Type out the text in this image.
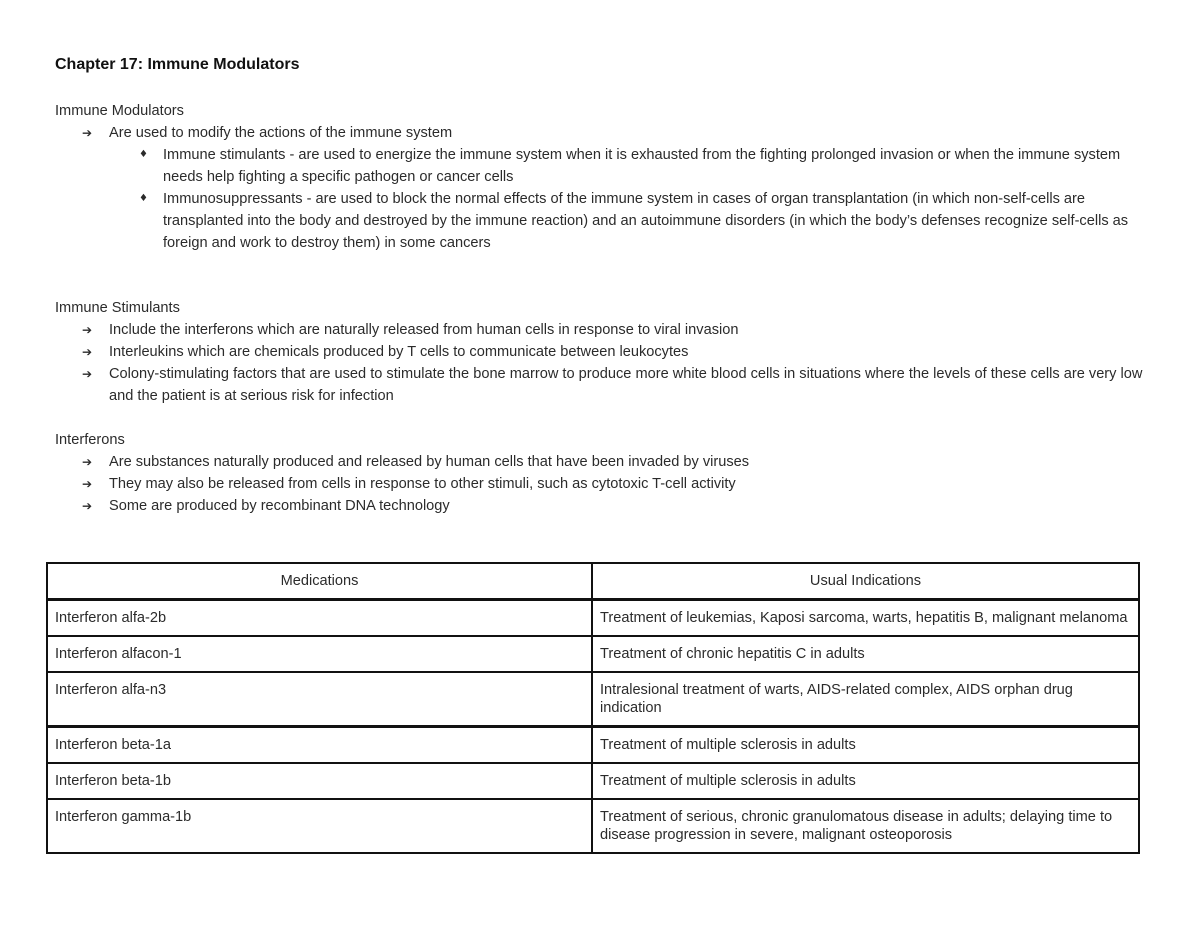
Chapter 17: Immune Modulators
Immune Modulators
➔ Are used to modify the actions of the immune system
♦ Immune stimulants - are used to energize the immune system when it is exhausted from the fighting prolonged invasion or when the immune system needs help fighting a specific pathogen or cancer cells
♦ Immunosuppressants - are used to block the normal effects of the immune system in cases of organ transplantation (in which non-self-cells are transplanted into the body and destroyed by the immune reaction) and an autoimmune disorders (in which the body’s defenses recognize self-cells as foreign and work to destroy them) in some cancers
Immune Stimulants
➔ Include the interferons which are naturally released from human cells in response to viral invasion
➔ Interleukins which are chemicals produced by T cells to communicate between leukocytes
➔ Colony-stimulating factors that are used to stimulate the bone marrow to produce more white blood cells in situations where the levels of these cells are very low and the patient is at serious risk for infection
Interferons
➔ Are substances naturally produced and released by human cells that have been invaded by viruses
➔ They may also be released from cells in response to other stimuli, such as cytotoxic T-cell activity
➔ Some are produced by recombinant DNA technology
Medications	Usual Indications
Interferon alfa-2b	Treatment of leukemias, Kaposi sarcoma, warts, hepatitis B, malignant melanoma
Interferon alfacon-1	Treatment of chronic hepatitis C in adults
Interferon alfa-n3	Intralesional treatment of warts, AIDS-related complex, AIDS orphan drug indication
Interferon beta-1a	Treatment of multiple sclerosis in adults
Interferon beta-1b	Treatment of multiple sclerosis in adults
Interferon gamma-1b	Treatment of serious, chronic granulomatous disease in adults; delaying time to disease progression in severe, malignant osteoporosis
